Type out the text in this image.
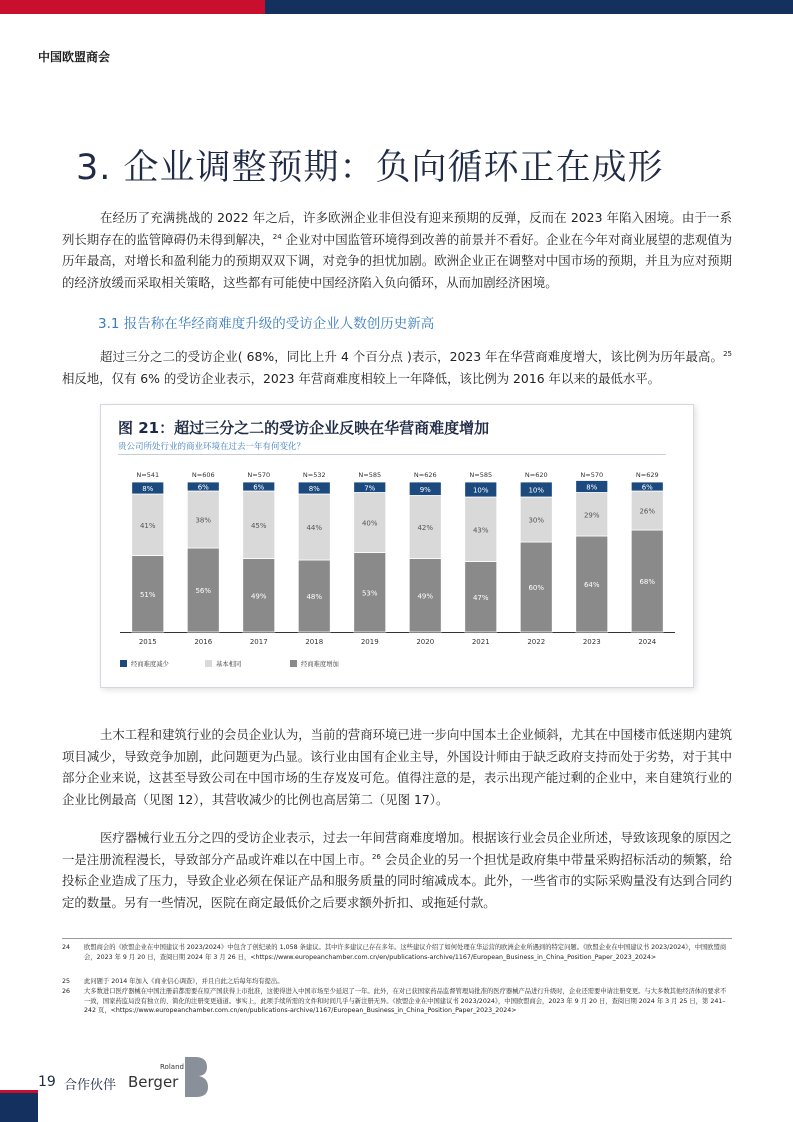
中国欧盟商会
3. 企业调整预期：负向循环正在成形
在经历了充满挑战的 2022 年之后，许多欧洲企业非但没有迎来预期的反弹，反而在 2023 年陷入困境。由于一系列长期存在的监管障碍仍未得到解决，$^{24}$ 企业对中国监管环境得到改善的前景并不看好。企业在今年对商业展望的悲观值为历年最高，对增长和盈利能力的预期双双下调，对竞争的担忧加剧。欧洲企业正在调整对中国市场的预期，并且为应对预期的经济放缓而采取相关策略，这些都有可能使中国经济陷入负向循环，从而加剧经济困境。
3.1 报告称在华经商难度升级的受访企业人数创历史新高
超过三分之二的受访企业( 68%，同比上升 4 个百分点 )表示，2023 年在华营商难度增大，该比例为历年最高。$^{25}$相反地，仅有 6% 的受访企业表示，2023 年营商难度相较上一年降低，该比例为 2016 年以来的最低水平。
图 21：超过三分之二的受访企业反映在华营商难度增加
贵公司所处行业的商业环境在过去一年有何变化？
51%
41%
8%
N=541
2015
56%
38%
6%
N=606
2016
49%
45%
6%
N=570
2017
48%
44%
8%
N=532
2018
53%
40%
7%
N=585
2019
49%
42%
9%
N=626
2020
47%
43%
10%
N=585
2021
60%
30%
10%
N=620
2022
64%
29%
8%
N=570
2023
68%
26%
6%
N=629
2024
经商难度减少	基本相同	经商难度增加
土木工程和建筑行业的会员企业认为，当前的营商环境已进一步向中国本土企业倾斜，尤其在中国楼市低迷期内建筑项目减少，导致竞争加剧，此问题更为凸显。该行业由国有企业主导，外国设计师由于缺乏政府支持而处于劣势，对于其中部分企业来说，这甚至导致公司在中国市场的生存岌岌可危。值得注意的是，表示出现产能过剩的企业中，来自建筑行业的企业比例最高（见图 12），其营收减少的比例也高居第二（见图 17）。
医疗器械行业五分之四的受访企业表示，过去一年间营商难度增加。根据该行业会员企业所述，导致该现象的原因之一是注册流程漫长，导致部分产品或许难以在中国上市。$^{26}$ 会员企业的另一个担忧是政府集中带量采购招标活动的频繁，给投标企业造成了压力，导致企业必须在保证产品和服务质量的同时缩减成本。此外，一些省市的实际采购量没有达到合同约定的数量。另有一些情况，医院在商定最低价之后要求额外折扣、或拖延付款。
24 欧盟商会的《欧盟企业在中国建议书 2023/2024》中包含了创纪录的 1,058 条建议。其中许多建议已存在多年。这些建议介绍了如何处理在华运营的欧洲企业所遇到的特定问题。《欧盟企业在中国建议书 2023/2024》，中国欧盟商会，2023 年 9 月 20 日，查阅日期 2024 年 3 月 26 日，<https://www.europeanchamber.com.cn/en/publications-archive/1167/European_Business_in_China_Position_Paper_2023_2024>
25 此问题于 2014 年加入《商业信心调查》，并且自此之后每年均有提出。
26 大多数进口医疗器械在中国注册前都需要在原产国获得上市批准，这使得进入中国市场至少延迟了一年。此外，在对已获国家药品监督管理局批准的医疗器械产品进行升级时，企业还需要申请注册变更。与大多数其他经济体的要求不一致，国家药监局没有独立的、简化的注册变更通道。事实上，此项手续所需的文件和时间几乎与新注册无异。《欧盟企业在中国建议书 2023/2024》，中国欧盟商会，2023 年 9 月 20 日，查阅日期 2024 年 3 月 25 日，第 241–242 页，<https://www.europeanchamber.com.cn/en/publications-archive/1167/European_Business_in_China_Position_Paper_2023_2024>
19 合作伙伴
Roland
Berger
